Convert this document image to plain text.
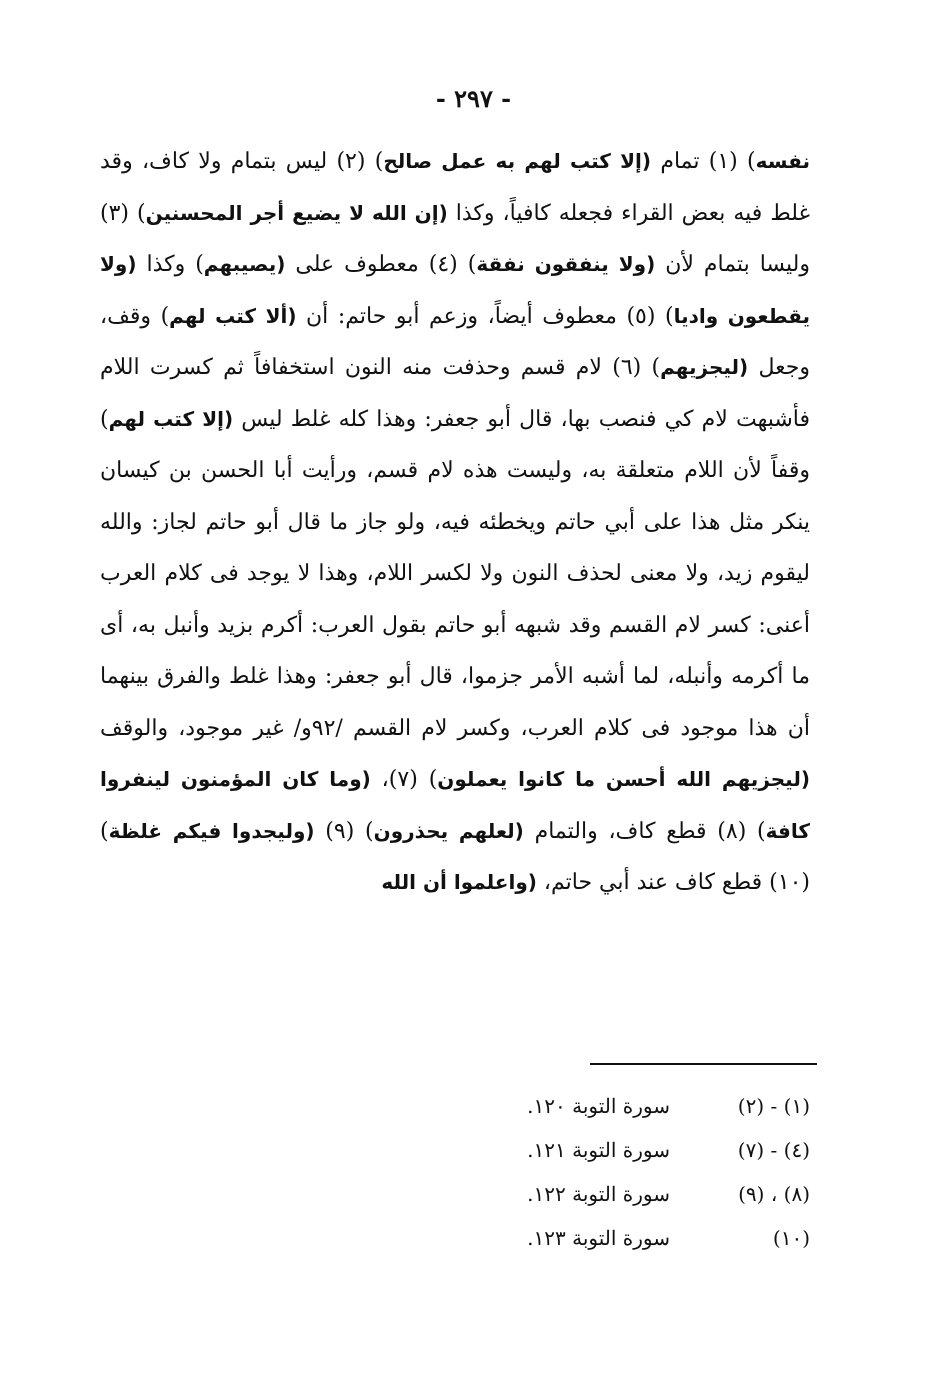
- ٢٩٧ -
نفسه) (١) تمام (إلا كتب لهم به عمل صالح) (٢) ليس بتمام ولا كاف، وقد غلط فيه بعض القراء فجعله كافياً، وكذا (إن الله لا يضيع أجر المحسنين) (٣) وليسا بتمام لأن (ولا ينفقون نفقة) (٤) معطوف على (يصيبهم) وكذا (ولا يقطعون واديا) (٥) معطوف أيضاً، وزعم أبو حاتم: أن (ألا كتب لهم) وقف، وجعل (ليجزيهم) (٦) لام قسم وحذفت منه النون استخفافاً ثم كسرت اللام فأشبهت لام كي فنصب بها، قال أبو جعفر: وهذا كله غلط ليس (إلا كتب لهم) وقفاً لأن اللام متعلقة به، وليست هذه لام قسم، ورأيت أبا الحسن بن كيسان ينكر مثل هذا على أبي حاتم ويخطئه فيه، ولو جاز ما قال أبو حاتم لجاز: والله ليقوم زيد، ولا معنى لحذف النون ولا لكسر اللام، وهذا لا يوجد فى كلام العرب أعنى: كسر لام القسم وقد شبهه أبو حاتم بقول العرب: أكرم بزيد وأنبل به، أى ما أكرمه وأنبله، لما أشبه الأمر جزموا، قال أبو جعفر: وهذا غلط والفرق بينهما أن هذا موجود فى كلام العرب، وكسر لام القسم /٩٢و/ غير موجود، والوقف (ليجزيهم الله أحسن ما كانوا يعملون) (٧)، (وما كان المؤمنون لينفروا كافة) (٨) قطع كاف، والتمام (لعلهم يحذرون) (٩) (وليجدوا فيكم غلظة) (١٠) قطع كاف عند أبي حاتم، (واعلموا أن الله
(١) - (٢)
سورة التوبة ١٢٠.
(٤) - (٧)
سورة التوبة ١٢١.
(٨) ، (٩)
سورة التوبة ١٢٢.
(١٠)
سورة التوبة ١٢٣.
